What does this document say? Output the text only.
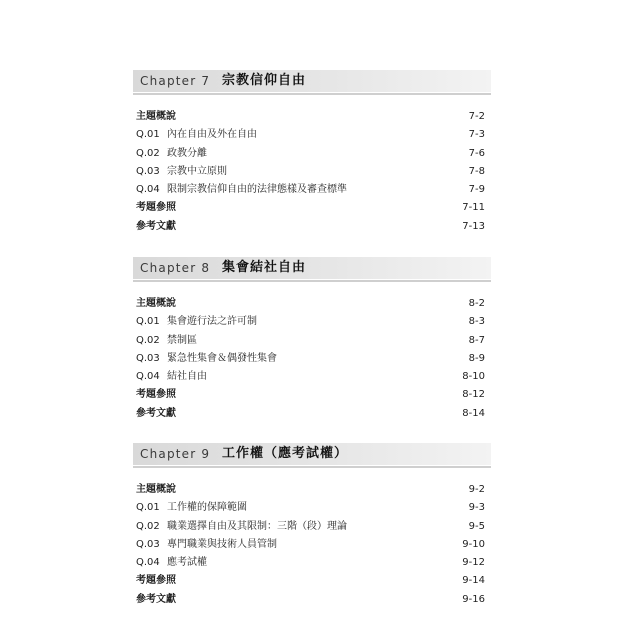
Chapter 7 宗教信仰自由
主題概說	7-2
Q.01 內在自由及外在自由	7-3
Q.02 政教分離	7-6
Q.03 宗教中立原則	7-8
Q.04 限制宗教信仰自由的法律態樣及審查標準	7-9
考題參照	7-11
參考文獻	7-13
Chapter 8 集會結社自由
主題概說	8-2
Q.01 集會遊行法之許可制	8-3
Q.02 禁制區	8-7
Q.03 緊急性集會＆偶發性集會	8-9
Q.04 結社自由	8-10
考題參照	8-12
參考文獻	8-14
Chapter 9 工作權（應考試權）
主題概說	9-2
Q.01 工作權的保障範圍	9-3
Q.02 職業選擇自由及其限制：三階（段）理論	9-5
Q.03 專門職業與技術人員管制	9-10
Q.04 應考試權	9-12
考題參照	9-14
參考文獻	9-16
